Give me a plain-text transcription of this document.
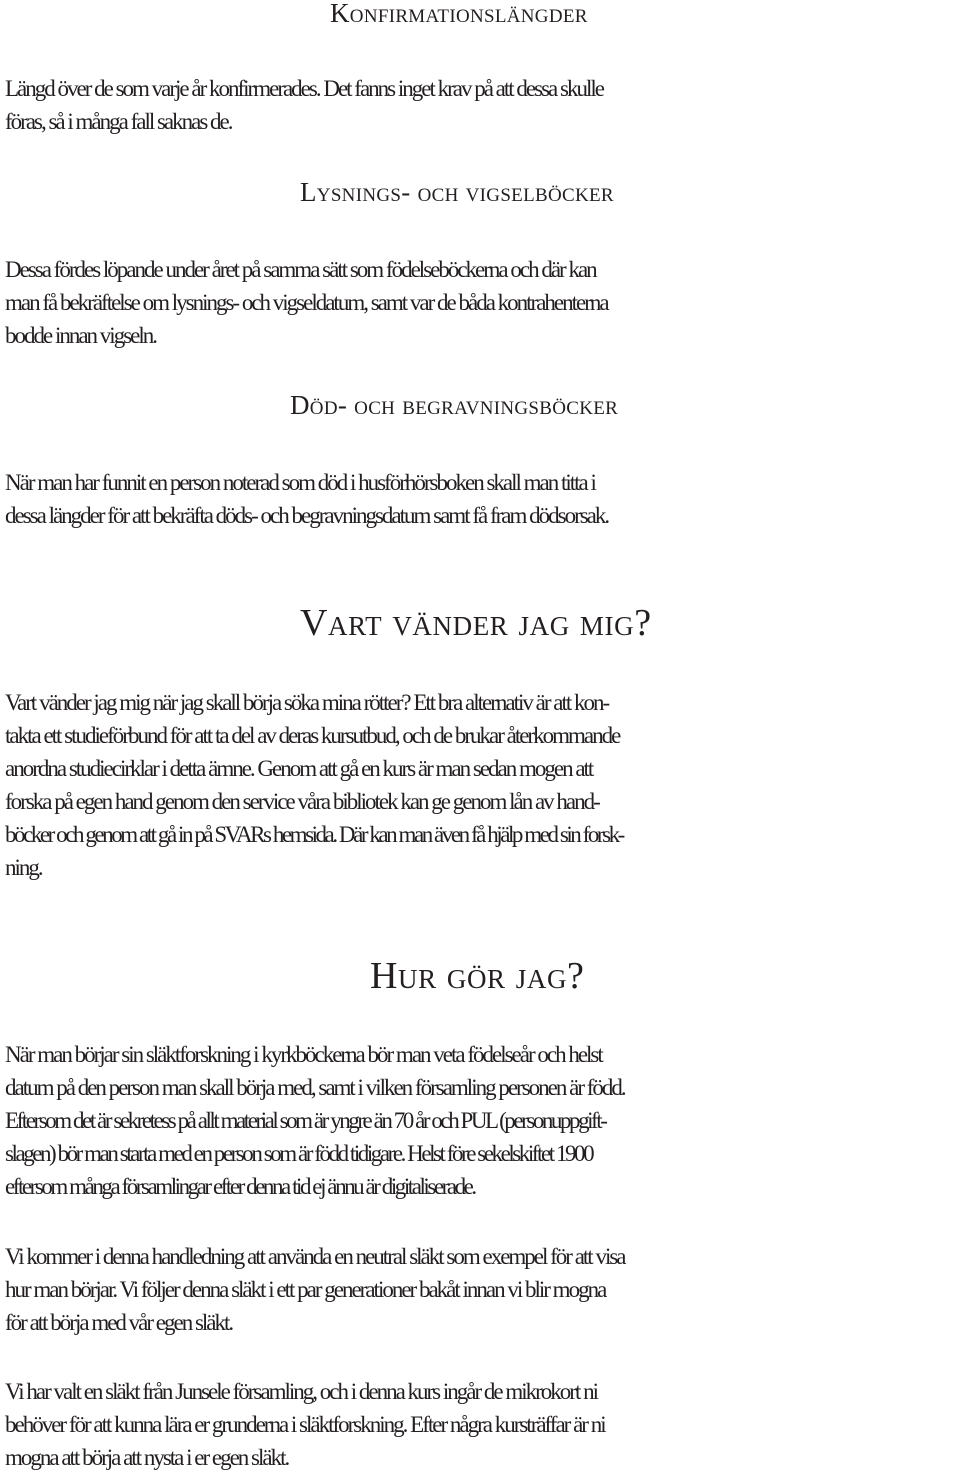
Konfirmationslängder

Längd över de som varje år konfirmerades. Det fanns inget krav på att dessa skulle
föras, så i många fall saknas de.

Lysnings- och vigselböcker

Dessa fördes löpande under året på samma sätt som födelseböckerna och där kan
man få bekräftelse om lysnings- och vigseldatum, samt var de båda kontrahenterna
bodde innan vigseln.

Död- och begravningsböcker

När man har funnit en person noterad som död i husförhörsboken skall man titta i
dessa längder för att bekräfta döds- och begravningsdatum samt få fram dödsorsak.

Vart vänder jag mig?

Vart vänder jag mig när jag skall börja söka mina rötter? Ett bra alternativ är att kon-
takta ett studieförbund för att ta del av deras kursutbud, och de brukar återkommande
anordna studiecirklar i detta ämne. Genom att gå en kurs är man sedan mogen att
forska på egen hand genom den service våra bibliotek kan ge genom lån av hand-
böcker och genom att gå in på SVARs hemsida. Där kan man även få hjälp med sin forsk-
ning.

Hur gör jag?

När man börjar sin släktforskning i kyrkböckerna bör man veta födelseår och helst
datum på den person man skall börja med, samt i vilken församling personen är född.
Eftersom det är sekretess på allt material som är yngre än 70 år och PUL (personuppgift-
slagen) bör man starta med en person som är född tidigare. Helst före sekelskiftet 1900
eftersom många församlingar efter denna tid ej ännu är digitaliserade.

Vi kommer i denna handledning att använda en neutral släkt som exempel för att visa
hur man börjar. Vi följer denna släkt i ett par generationer bakåt innan vi blir mogna
för att börja med vår egen släkt.

Vi har valt en släkt från Junsele församling, och i denna kurs ingår de mikrokort ni
behöver för att kunna lära er grunderna i släktforskning. Efter några kursträffar är ni
mogna att börja att nysta i er egen släkt.
